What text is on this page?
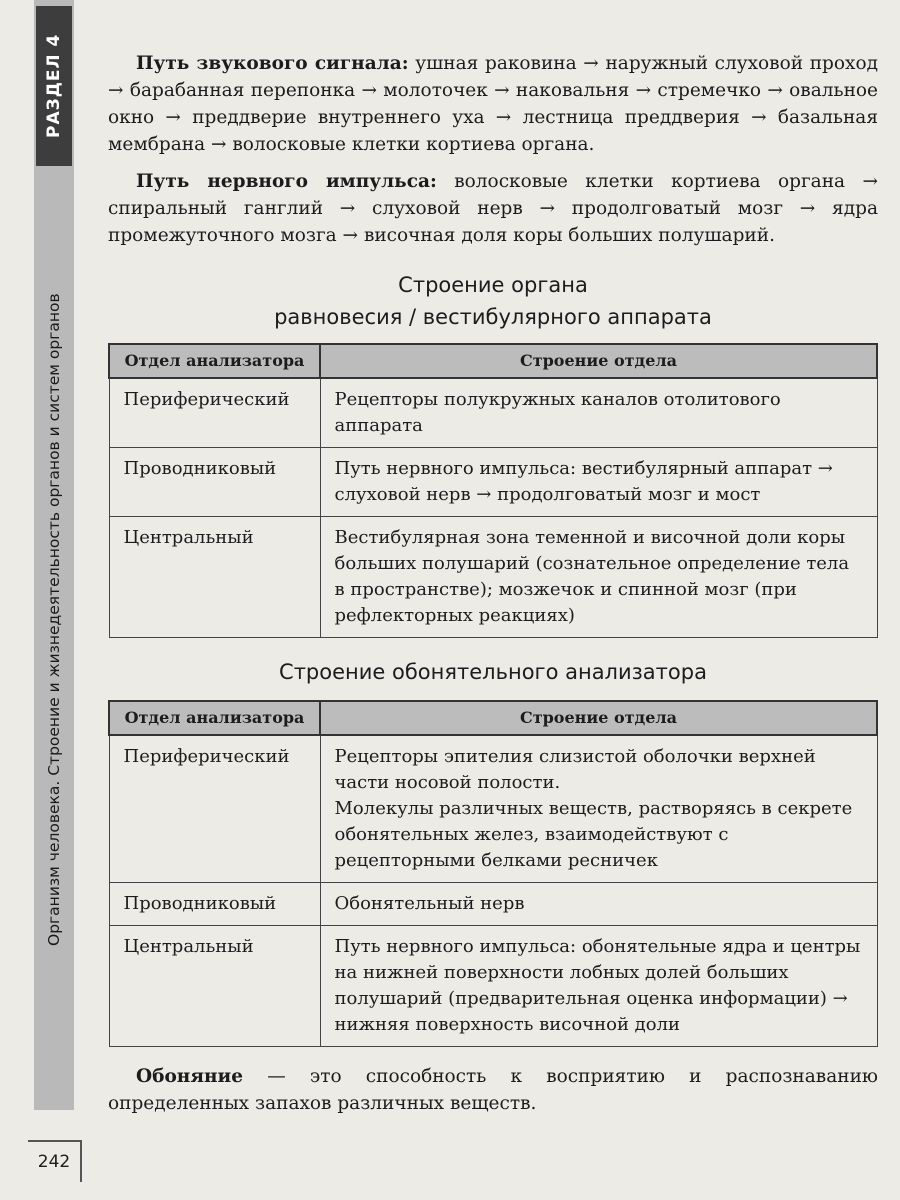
РАЗДЕЛ 4
Организм человека. Строение и жизнедеятельность органов и систем органов
242

Путь звукового сигнала: ушная раковина → наружный слуховой проход → барабанная перепонка → молоточек → наковальня → стремечко → овальное окно → преддверие внутреннего уха → лестница преддверия → базальная мембрана → волосковые клетки кортиева органа.

Путь нервного импульса: волосковые клетки кортиева органа → спиральный ганглий → слуховой нерв → продолговатый мозг → ядра промежуточного мозга → височная доля коры больших полушарий.

Строение органа
равновесия / вестибулярного аппарата
Отдел анализатора	Строение отдела
Периферический	Рецепторы полукружных каналов отолитового аппарата
Проводниковый	Путь нервного импульса: вестибулярный аппарат → слуховой нерв → продолговатый мозг и мост
Центральный	Вестибулярная зона теменной и височной доли коры больших полушарий (сознательное определение тела в пространстве); мозжечок и спинной мозг (при рефлекторных реакциях)
Строение обонятельного анализатора
Отдел анализатора	Строение отдела
Периферический	Рецепторы эпителия слизистой оболочки верхней части носовой полости.
Молекулы различных веществ, растворяясь в секрете обонятельных желез, взаимодействуют с рецепторными белками ресничек

Проводниковый	Обонятельный нерв
Центральный	Путь нервного импульса: обонятельные ядра и центры на нижней поверхности лобных долей больших полушарий (предварительная оценка информации) → нижняя поверхность височной доли

Обоняние — это способность к восприятию и распознаванию определенных запахов различных веществ.
